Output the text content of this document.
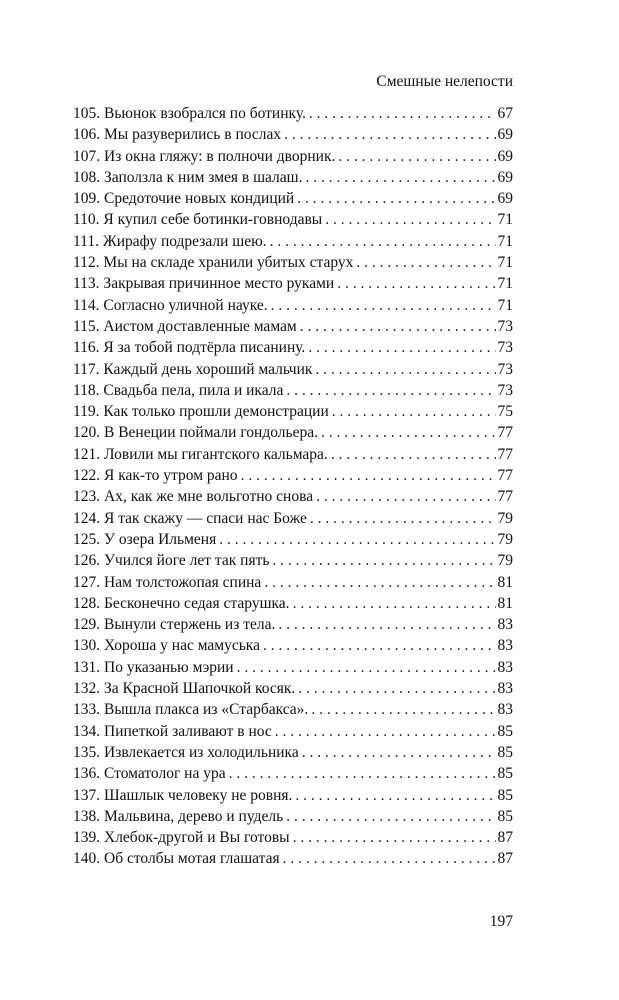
Смешные нелепости
105. Вьюнок взобрался по ботинку. . . .	67
106. Мы разуверились в послах . . .	69
107. Из окна гляжу: в полночи дворник. . . .	69
108. Заползла к ним змея в шалаш. . . .	69
109. Средоточие новых кондиций . . .	69
110. Я купил себе ботинки-говнодавы . . .	71
111. Жирафу подрезали шею. . . .	71
112. Мы на складе хранили убитых старух . . .	71
113. Закрывая причинное место руками . . .	71
114. Согласно уличной науке. . . .	71
115. Аистом доставленные мамам . . .	73
116. Я за тобой подтёрла писанину. . . .	73
117. Каждый день хороший мальчик . . .	73
118. Свадьба пела, пила и икала . . .	73
119. Как только прошли демонстрации . . .	75
120. В Венеции поймали гондольера. . . .	77
121. Ловили мы гигантского кальмара. . . .	77
122. Я как-то утром рано . . .	77
123. Ах, как же мне вольготно снова . . .	77
124. Я так скажу — спаси нас Боже . . .	79
125. У озера Ильменя . . .	79
126. Учился йоге лет так пять . . .	79
127. Нам толстожопая спина . . .	81
128. Бесконечно седая старушка. . . .	81
129. Вынули стержень из тела. . . .	83
130. Хороша у нас мамуська . . .	83
131. По указанью мэрии . . .	83
132. За Красной Шапочкой косяк. . . .	83
133. Вышла плакса из «Старбакса». . . .	83
134. Пипеткой заливают в нос . . .	85
135. Извлекается из холодильника . . .	85
136. Стоматолог на ура . . .	85
137. Шашлык человеку не ровня. . . .	85
138. Мальвина, дерево и пудель . . .	85
139. Хлебок-другой и Вы готовы . . .	87
140. Об столбы мотая глашатая . . .	87
197
